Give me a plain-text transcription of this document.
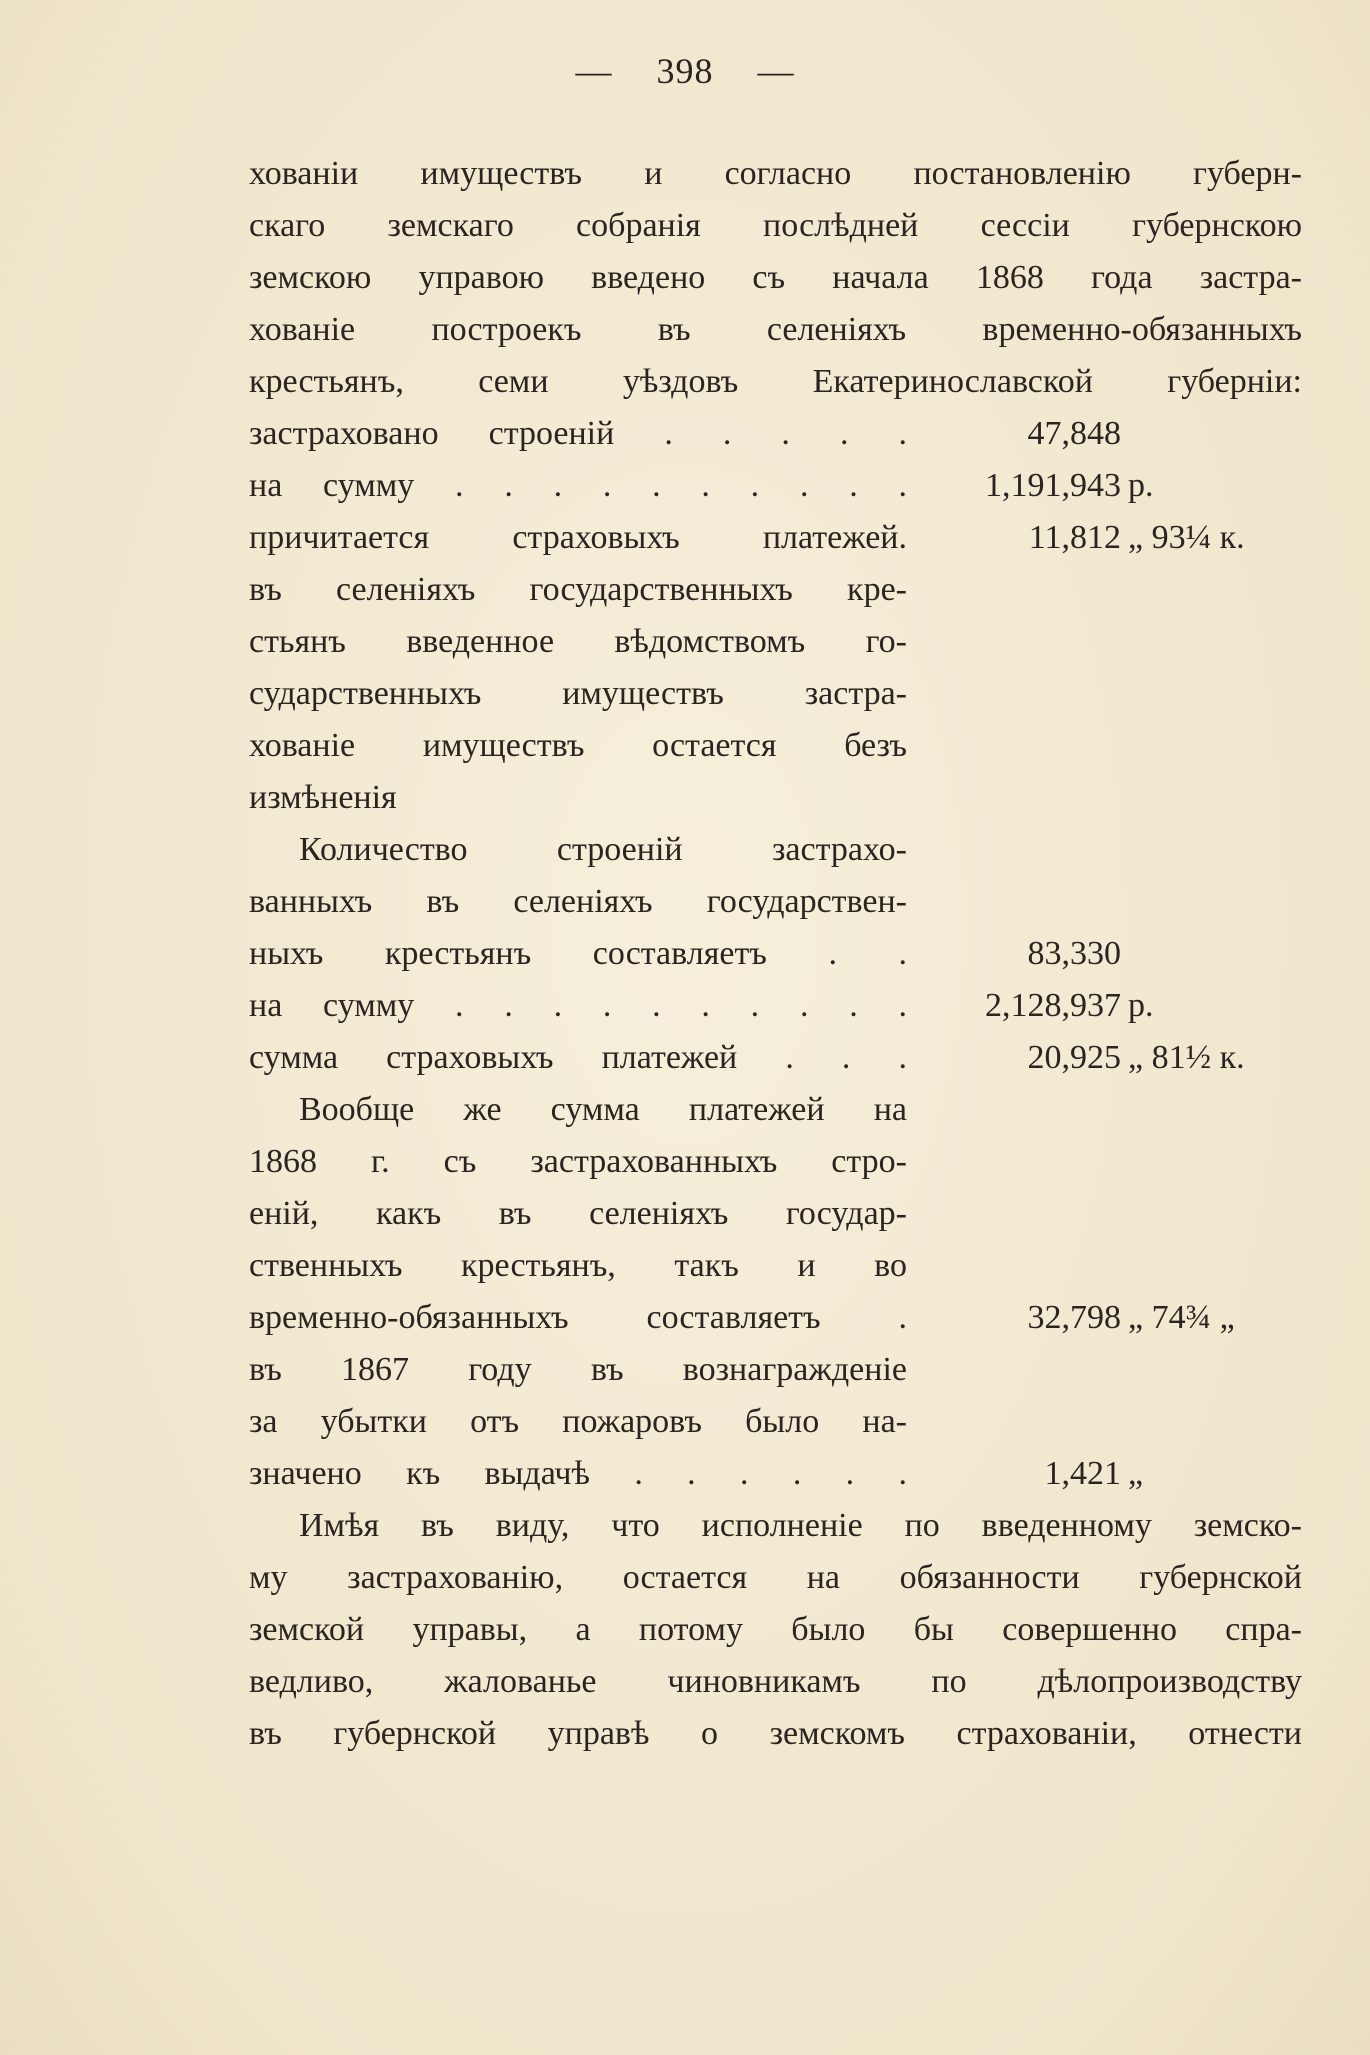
— 398 —
хованіи имуществъ и согласно постановленію губерн-
скаго земскаго собранія послѣдней сессіи губернскою
земскою управою введено съ начала 1868 года застра-
хованіе построекъ въ селеніяхъ временно-обязанныхъ
крестьянъ, семи уѣздовъ Екатеринославской губерніи:
застраховано строеній . . . . .	47,848
на сумму . . . . . . . . . .	1,191,943 р.
причитается страховыхъ платежей.	11,812 „ 93¼ к.
въ селеніяхъ государственныхъ кре-
стьянъ введенное вѣдомствомъ го-
сударственныхъ имуществъ застра-
хованіе имуществъ остается безъ
измѣненія
Количество строеній застрахо-
ванныхъ въ селеніяхъ государствен-
ныхъ крестьянъ составляетъ . .	83,330
на сумму . . . . . . . . . .	2,128,937 р.
сумма страховыхъ платежей . . .	20,925 „ 81½ к.
Вообще же сумма платежей на
1868 г. съ застрахованныхъ стро-
еній, какъ въ селеніяхъ государ-
ственныхъ крестьянъ, такъ и во
временно-обязанныхъ составляетъ .	32,798 „ 74¾ „
въ 1867 году въ вознагражденіе
за убытки отъ пожаровъ было на-
значено къ выдачѣ . . . . . .	1,421 „
Имѣя въ виду, что исполненіе по введенному земско-
му застрахованію, остается на обязанности губернской
земской управы, а потому было бы совершенно спра-
ведливо, жалованье чиновникамъ по дѣлопроизводству
въ губернской управѣ о земскомъ страхованіи, отнести
